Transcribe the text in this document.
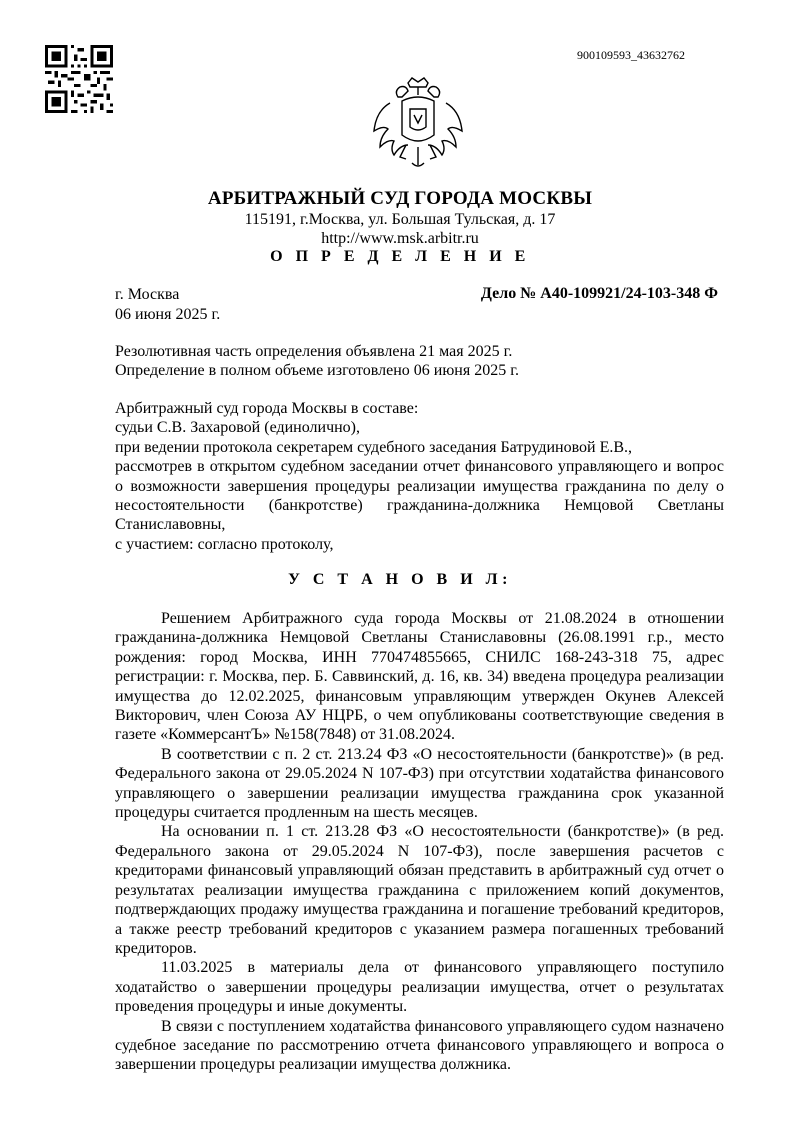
900109593_43632762
АРБИТРАЖНЫЙ СУД ГОРОДА МОСКВЫ
115191, г.Москва, ул. Большая Тульская, д. 17
http://www.msk.arbitr.ru
О П Р Е Д Е Л Е Н И Е
г. Москва	Дело № А40-109921/24-103-348 Ф
06 июня 2025 г.
Резолютивная часть определения объявлена 21 мая 2025 г.
Определение в полном объеме изготовлено 06 июня 2025 г.
Арбитражный суд города Москвы в составе:
судьи С.В. Захаровой (единолично),
при ведении протокола секретарем судебного заседания Батрудиновой Е.В.,
рассмотрев в открытом судебном заседании отчет финансового управляющего и вопрос о возможности завершения процедуры реализации имущества гражданина по делу о несостоятельности (банкротстве) гражданина-должника Немцовой Светланы Станиславовны,
с участием: согласно протоколу,
У С Т А Н О В И Л:

Решением Арбитражного суда города Москвы от 21.08.2024 в отношении гражданина-должника Немцовой Светланы Станиславовны (26.08.1991 г.р., место рождения: город Москва, ИНН 770474855665, СНИЛС 168-243-318 75, адрес регистрации: г. Москва, пер. Б. Саввинский, д. 16, кв. 34) введена процедура реализации имущества до 12.02.2025, финансовым управляющим утвержден Окунев Алексей Викторович, член Союза АУ НЦРБ, о чем опубликованы соответствующие сведения в газете «КоммерсантЪ» №158(7848) от 31.08.2024.

В соответствии с п. 2 ст. 213.24 ФЗ «О несостоятельности (банкротстве)» (в ред. Федерального закона от 29.05.2024 N 107-ФЗ) при отсутствии ходатайства финансового управляющего о завершении реализации имущества гражданина срок указанной процедуры считается продленным на шесть месяцев.

На основании п. 1 ст. 213.28 ФЗ «О несостоятельности (банкротстве)» (в ред. Федерального закона от 29.05.2024 N 107-ФЗ), после завершения расчетов с кредиторами финансовый управляющий обязан представить в арбитражный суд отчет о результатах реализации имущества гражданина с приложением копий документов, подтверждающих продажу имущества гражданина и погашение требований кредиторов, а также реестр требований кредиторов с указанием размера погашенных требований кредиторов.

11.03.2025 в материалы дела от финансового управляющего поступило ходатайство о завершении процедуры реализации имущества, отчет о результатах проведения процедуры и иные документы.

В связи с поступлением ходатайства финансового управляющего судом назначено судебное заседание по рассмотрению отчета финансового управляющего и вопроса о завершении процедуры реализации имущества должника.
